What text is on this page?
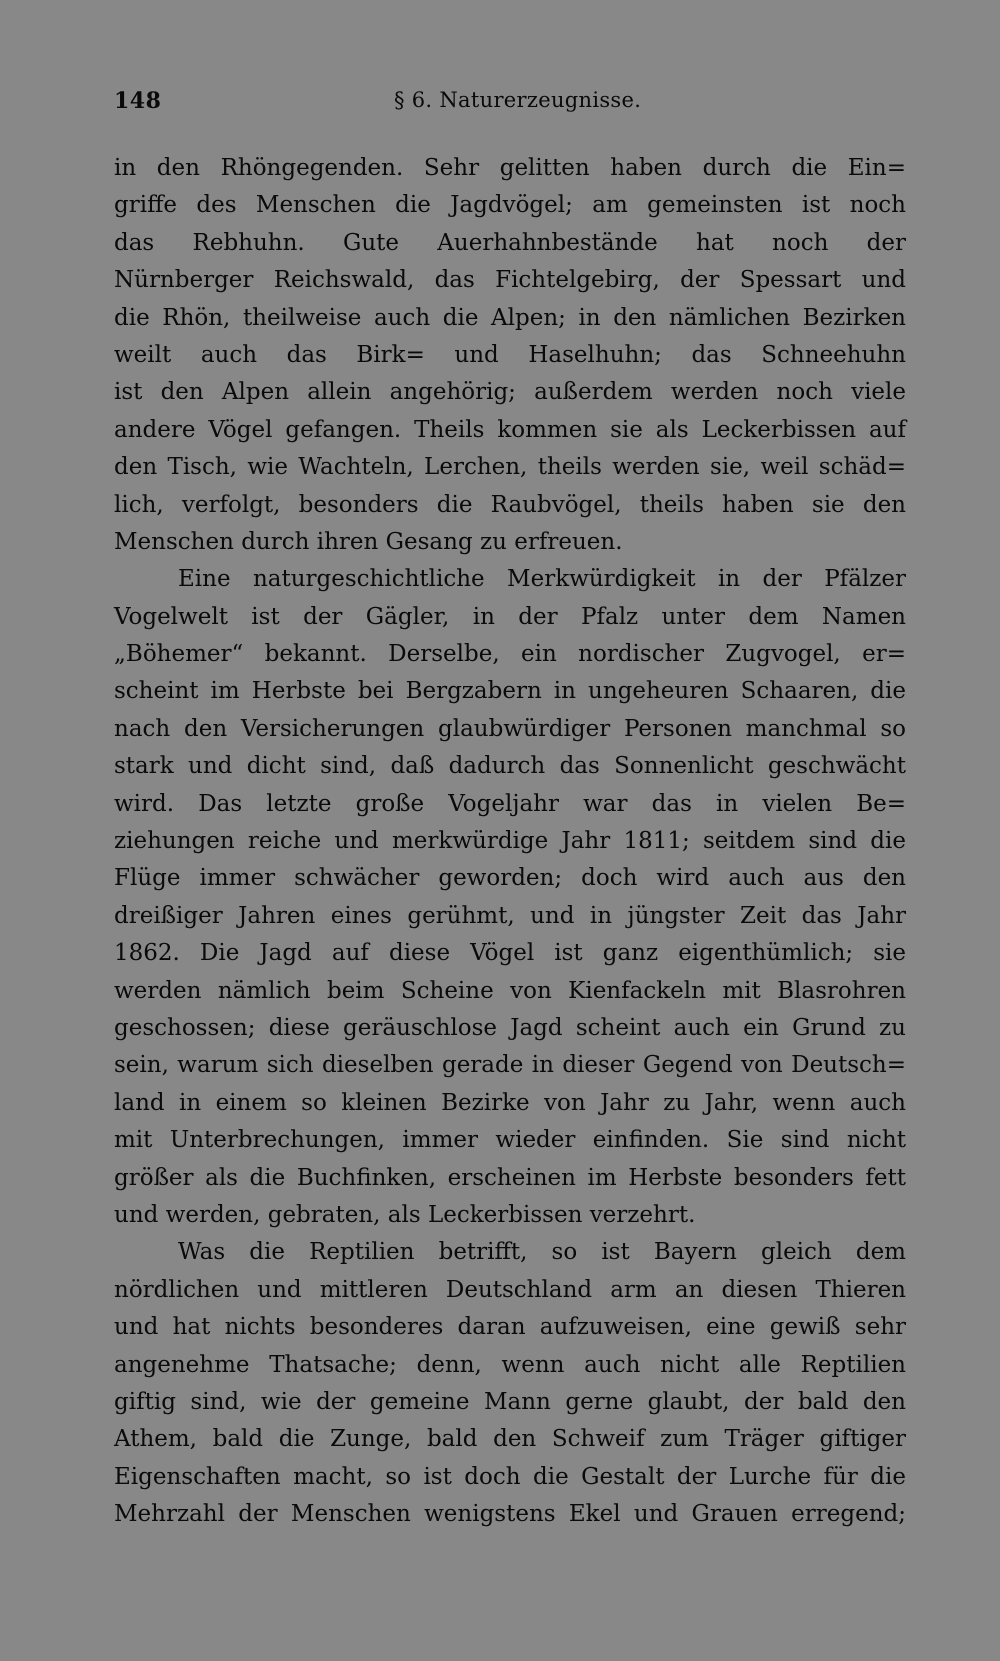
148	§ 6. Naturerzeugnisse.
in den Rhöngegenden. Sehr gelitten haben durch die Ein=
griffe des Menschen die Jagdvögel; am gemeinsten ist noch
das Rebhuhn. Gute Auerhahnbestände hat noch der
Nürnberger Reichswald, das Fichtelgebirg, der Spessart und
die Rhön, theilweise auch die Alpen; in den nämlichen Bezirken
weilt auch das Birk= und Haselhuhn; das Schneehuhn
ist den Alpen allein angehörig; außerdem werden noch viele
andere Vögel gefangen. Theils kommen sie als Leckerbissen auf
den Tisch, wie Wachteln, Lerchen, theils werden sie, weil schäd=
lich, verfolgt, besonders die Raubvögel, theils haben sie den
Menschen durch ihren Gesang zu erfreuen.
Eine naturgeschichtliche Merkwürdigkeit in der Pfälzer
Vogelwelt ist der Gägler, in der Pfalz unter dem Namen
„Böhemer“ bekannt. Derselbe, ein nordischer Zugvogel, er=
scheint im Herbste bei Bergzabern in ungeheuren Schaaren, die
nach den Versicherungen glaubwürdiger Personen manchmal so
stark und dicht sind, daß dadurch das Sonnenlicht geschwächt
wird. Das letzte große Vogeljahr war das in vielen Be=
ziehungen reiche und merkwürdige Jahr 1811; seitdem sind die
Flüge immer schwächer geworden; doch wird auch aus den
dreißiger Jahren eines gerühmt, und in jüngster Zeit das Jahr
1862. Die Jagd auf diese Vögel ist ganz eigenthümlich; sie
werden nämlich beim Scheine von Kienfackeln mit Blasrohren
geschossen; diese geräuschlose Jagd scheint auch ein Grund zu
sein, warum sich dieselben gerade in dieser Gegend von Deutsch=
land in einem so kleinen Bezirke von Jahr zu Jahr, wenn auch
mit Unterbrechungen, immer wieder einfinden. Sie sind nicht
größer als die Buchfinken, erscheinen im Herbste besonders fett
und werden, gebraten, als Leckerbissen verzehrt.
Was die Reptilien betrifft, so ist Bayern gleich dem
nördlichen und mittleren Deutschland arm an diesen Thieren
und hat nichts besonderes daran aufzuweisen, eine gewiß sehr
angenehme Thatsache; denn, wenn auch nicht alle Reptilien
giftig sind, wie der gemeine Mann gerne glaubt, der bald den
Athem, bald die Zunge, bald den Schweif zum Träger giftiger
Eigenschaften macht, so ist doch die Gestalt der Lurche für die
Mehrzahl der Menschen wenigstens Ekel und Grauen erregend;
